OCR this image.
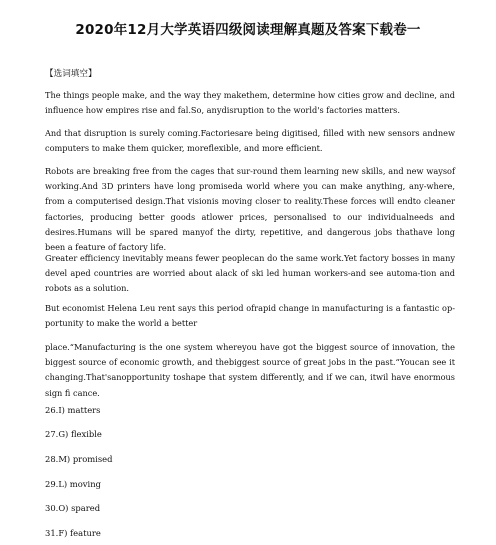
2020年12月大学英语四级阅读理解真题及答案下载卷一
【选词填空】
The things people make, and the way they makethem, determine how cities grow and decline, and influence how empires rise and fal.So, anydisruption to the world's factories matters.
And that disruption is surely coming.Factoriesare being digitised, filled with new sensors andnew computers to make them quicker, moreflexible, and more efficient.
Robots are breaking free from the cages that sur-round them learning new skills, and new waysof working.And 3D printers have long promiseda world where you can make anything, any-where, from a computerised design.That visionis moving closer to reality.These forces will endto cleaner factories, producing better goods atlower prices, personalised to our individualneeds and desires.Humans will be spared manyof the dirty, repetitive, and dangerous jobs thathave long been a feature of factory life.
Greater efficiency inevitably means fewer peoplecan do the same work.Yet factory bosses in many devel aped countries are worried about alack of ski led human workers-and see automa-tion and robots as a solution.
But economist Helena Leu rent says this period ofrapid change in manufacturing is a fantastic op-portunity to make the world a better
place.“Manufacturing is the one system whereyou have got the biggest source of innovation, the biggest source of economic growth, and thebiggest source of great jobs in the past.“Youcan see it changing.That'sanopportunity toshape that system differently, and if we can, itwil have enormous sign fi cance.
26.I) matters
27.G) flexible
28.M) promised
29.L) moving
30.O) spared
31.F) feature
